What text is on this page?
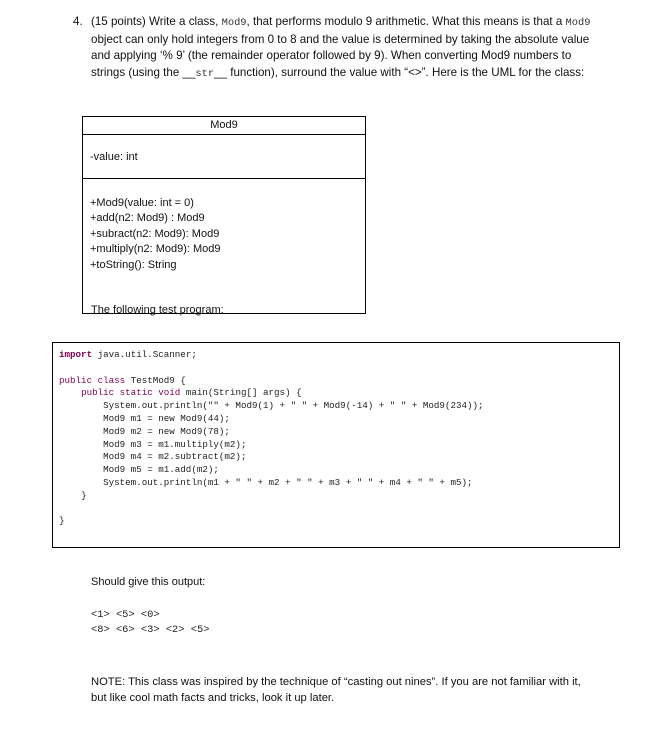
4. (15 points) Write a class, Mod9, that performs modulo 9 arithmetic. What this means is that a Mod9 object can only hold integers from 0 to 8 and the value is determined by taking the absolute value and applying ‘% 9’ (the remainder operator followed by 9). When converting Mod9 numbers to strings (using the __str__ function), surround the value with “<>”. Here is the UML for the class:
Mod9
-value: int
+Mod9(value: int = 0)
+add(n2: Mod9) : Mod9
+subract(n2: Mod9): Mod9
+multiply(n2: Mod9): Mod9
+toString(): String
The following test program:
import java.util.Scanner;

public class TestMod9 {
public static void main(String[] args) {
System.out.println("" + Mod9(1) + " " + Mod9(-14) + " " + Mod9(234));
Mod9 m1 = new Mod9(44);
Mod9 m2 = new Mod9(78);
Mod9 m3 = m1.multiply(m2);
Mod9 m4 = m2.subtract(m2);
Mod9 m5 = m1.add(m2);
System.out.println(m1 + " " + m2 + " " + m3 + " " + m4 + " " + m5);
}

}
Should give this output:
<1> <5> <0>
<8> <6> <3> <2> <5>
NOTE: This class was inspired by the technique of “casting out nines”. If you are not familiar with it, but like cool math facts and tricks, look it up later.
